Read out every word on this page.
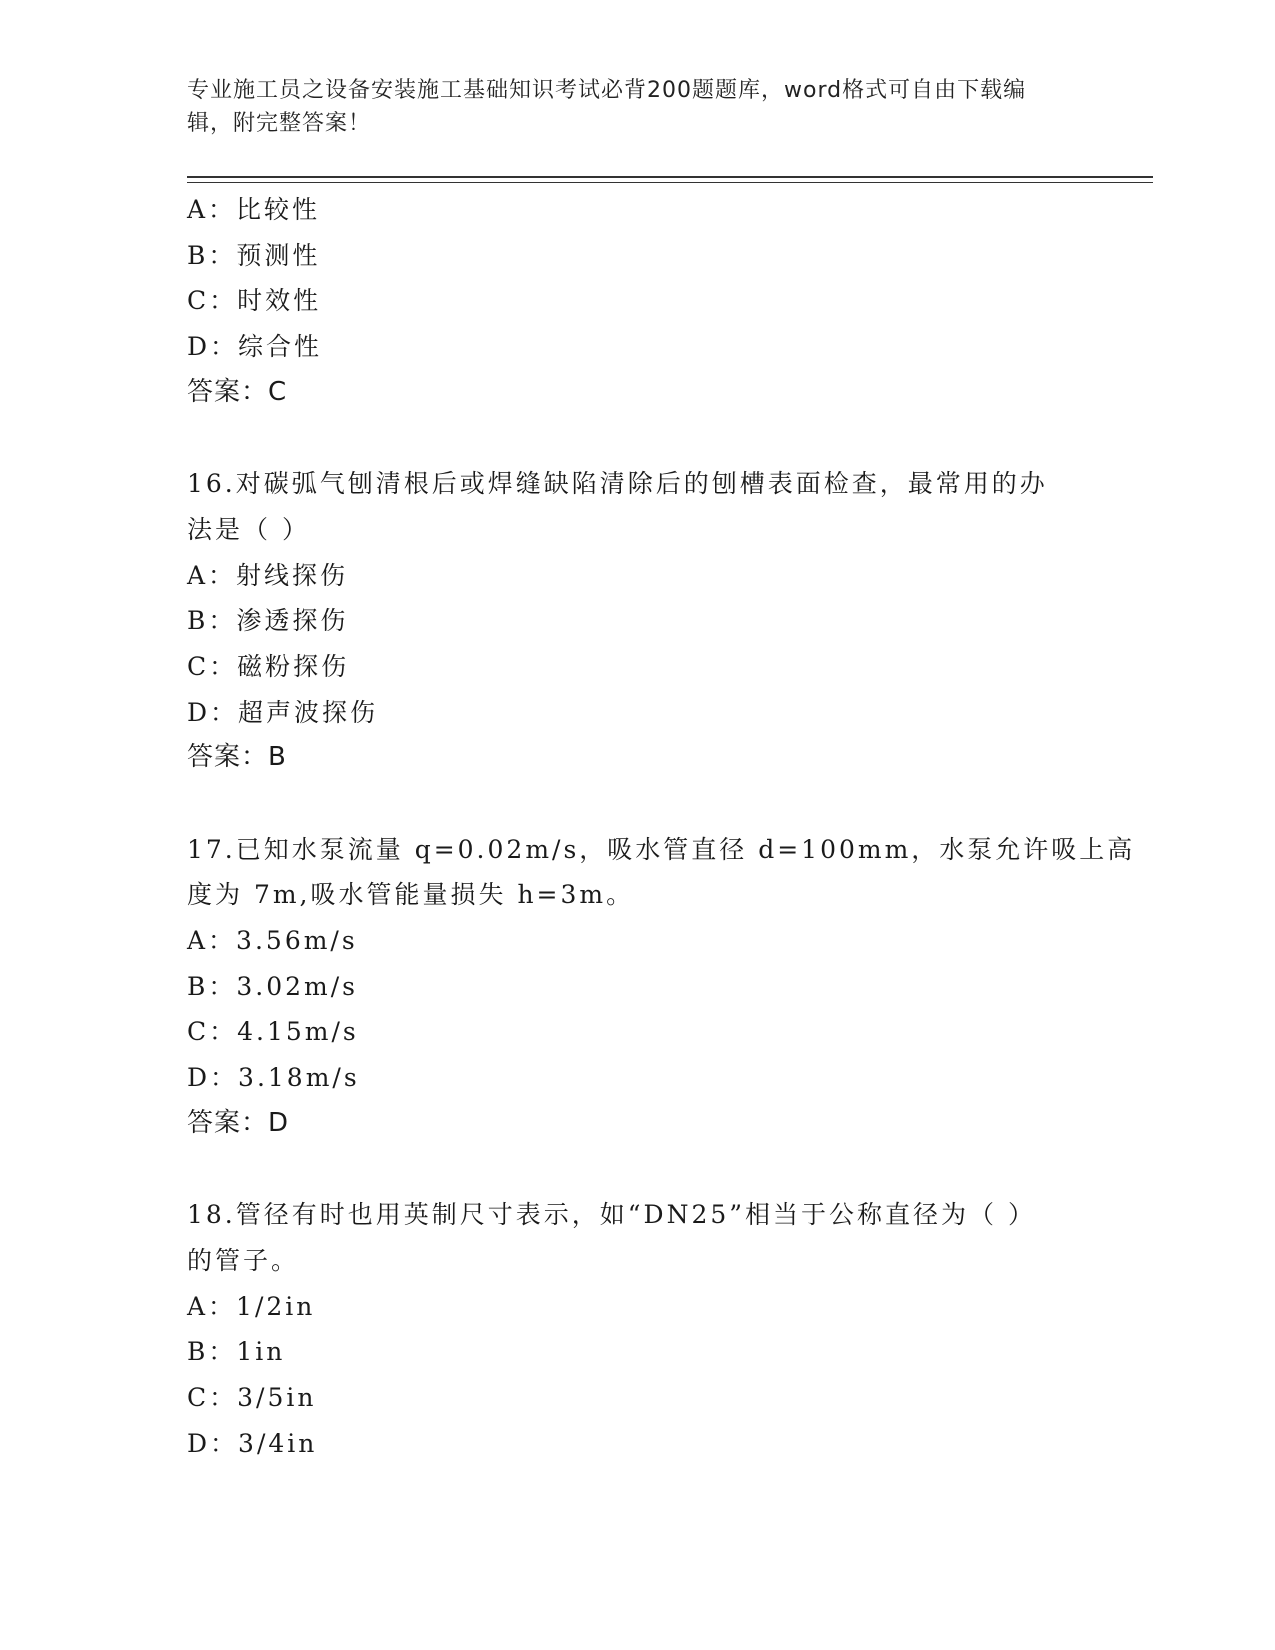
专业施工员之设备安装施工基础知识考试必背200题题库，word格式可自由下载编辑，附完整答案！
A：比较性
B：预测性
C：时效性
D：综合性
答案：C
16.对碳弧气刨清根后或焊缝缺陷清除后的刨槽表面检查，最常用的办
法是（ ）
A：射线探伤
B：渗透探伤
C：磁粉探伤
D：超声波探伤
答案：B
17.已知水泵流量 q=0.02m/s，吸水管直径 d=100mm，水泵允许吸上高
度为 7m,吸水管能量损失 h=3m。
A：3.56m/s
B：3.02m/s
C：4.15m/s
D：3.18m/s
答案：D
18.管径有时也用英制尺寸表示，如“DN25”相当于公称直径为（ ）
的管子。
A：1/2in
B：1in
C：3/5in
D：3/4in
